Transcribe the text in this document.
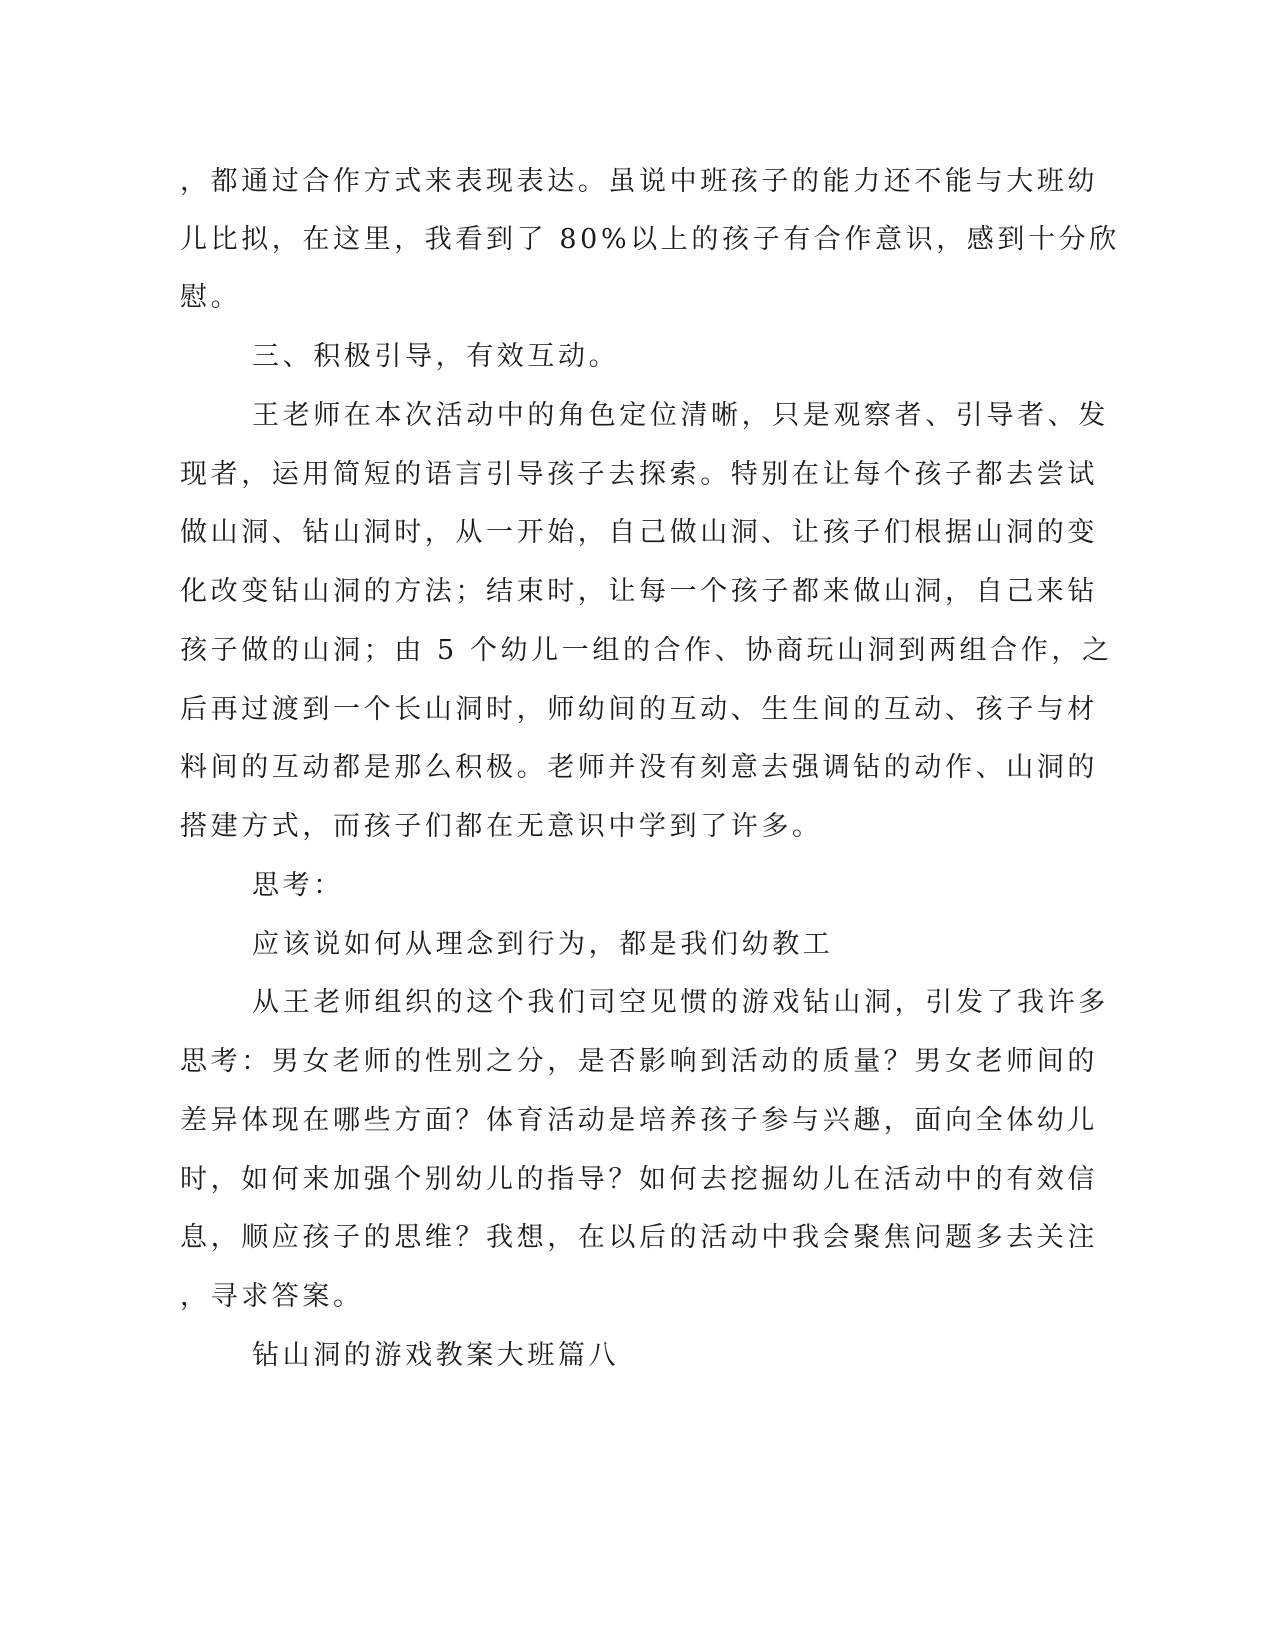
，都通过合作方式来表现表达。虽说中班孩子的能力还不能与大班幼

儿比拟，在这里，我看到了 80%以上的孩子有合作意识，感到十分欣

慰。

三、积极引导，有效互动。

王老师在本次活动中的角色定位清晰，只是观察者、引导者、发

现者，运用简短的语言引导孩子去探索。特别在让每个孩子都去尝试

做山洞、钻山洞时，从一开始，自己做山洞、让孩子们根据山洞的变

化改变钻山洞的方法；结束时，让每一个孩子都来做山洞，自己来钻

孩子做的山洞；由 5 个幼儿一组的合作、协商玩山洞到两组合作，之

后再过渡到一个长山洞时，师幼间的互动、生生间的互动、孩子与材

料间的互动都是那么积极。老师并没有刻意去强调钻的动作、山洞的

搭建方式，而孩子们都在无意识中学到了许多。

思考：

应该说如何从理念到行为，都是我们幼教工

从王老师组织的这个我们司空见惯的游戏钻山洞，引发了我许多

思考：男女老师的性别之分，是否影响到活动的质量？男女老师间的

差异体现在哪些方面？体育活动是培养孩子参与兴趣，面向全体幼儿

时，如何来加强个别幼儿的指导？如何去挖掘幼儿在活动中的有效信

息，顺应孩子的思维？我想，在以后的活动中我会聚焦问题多去关注

，寻求答案。

钻山洞的游戏教案大班篇八
